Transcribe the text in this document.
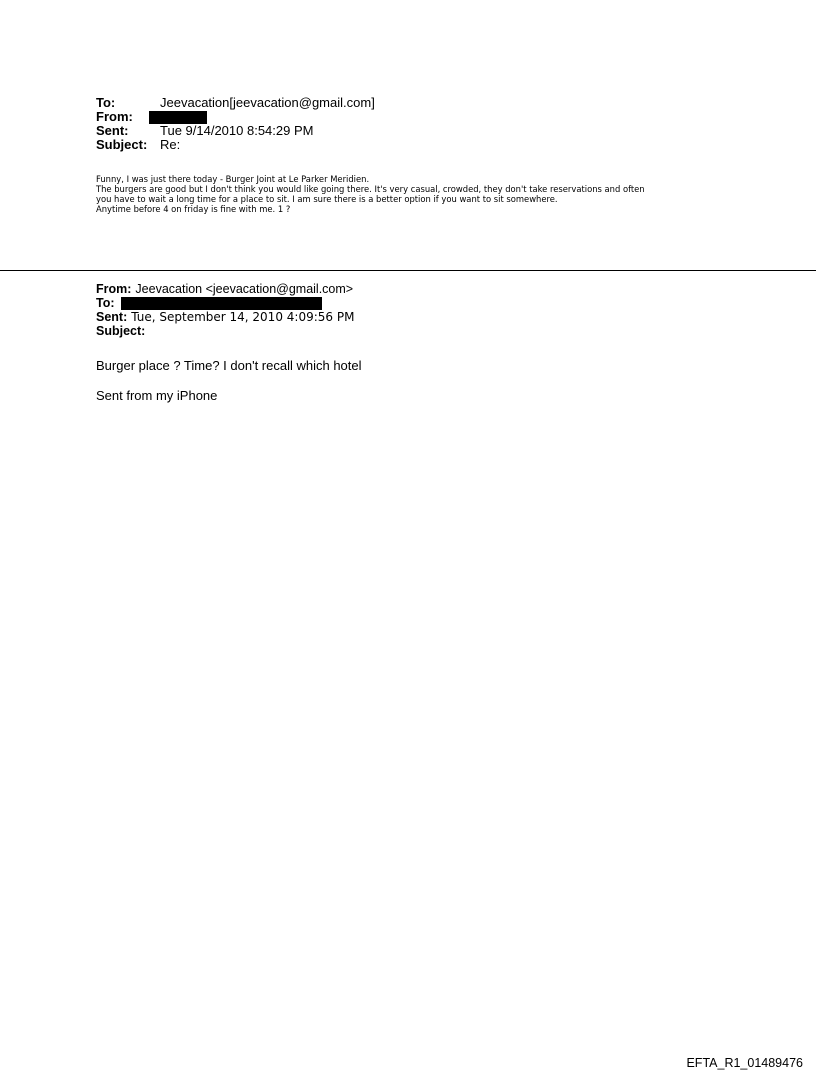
To:	Jeevacation[jeevacation@gmail.com]
From:
Sent:	Tue 9/14/2010 8:54:29 PM
Subject: Re:
Funny, I was just there today - Burger Joint at Le Parker Meridien.
The burgers are good but I don't think you would like going there. It's very casual, crowded, they don't take reservations and often
you have to wait a long time for a place to sit. I am sure there is a better option if you want to sit somewhere.
Anytime before 4 on friday is fine with me. 1 ?
From: Jeevacation <jeevacation@gmail.com>
To:
Sent: Tue, September 14, 2010 4:09:56 PM
Subject:

Burger place ? Time? I don't recall which hotel

Sent from my iPhone

EFTA_R1_01489476
